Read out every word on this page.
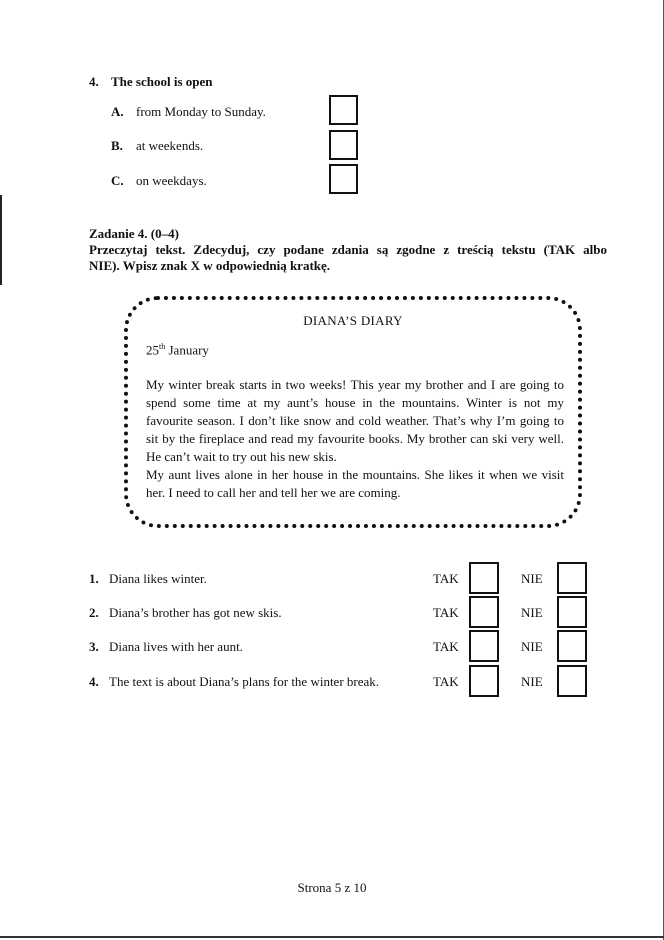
4. The school is open
A. from Monday to Sunday.
B. at weekends.
C. on weekdays.
Zadanie 4. (0–4)
Przeczytaj tekst. Zdecyduj, czy podane zdania są zgodne z treścią tekstu (TAK albo
NIE). Wpisz znak X w odpowiednią kratkę.
DIANA’S DIARY
25th January

My winter break starts in two weeks! This year my brother and I are going to spend some time at my aunt’s house in the mountains. Winter is not my favourite season. I don’t like snow and cold weather. That’s why I’m going to sit by the fireplace and read my favourite books. My brother can ski very well. He can’t wait to try out his new skis.

My aunt lives alone in her house in the mountains. She likes it when we visit her. I need to call her and tell her we are coming.

1. Diana likes winter.	TAK	NIE
2. Diana’s brother has got new skis.	TAK	NIE
3. Diana lives with her aunt.	TAK	NIE
4. The text is about Diana’s plans for the winter break.	TAK	NIE
Strona 5 z 10
